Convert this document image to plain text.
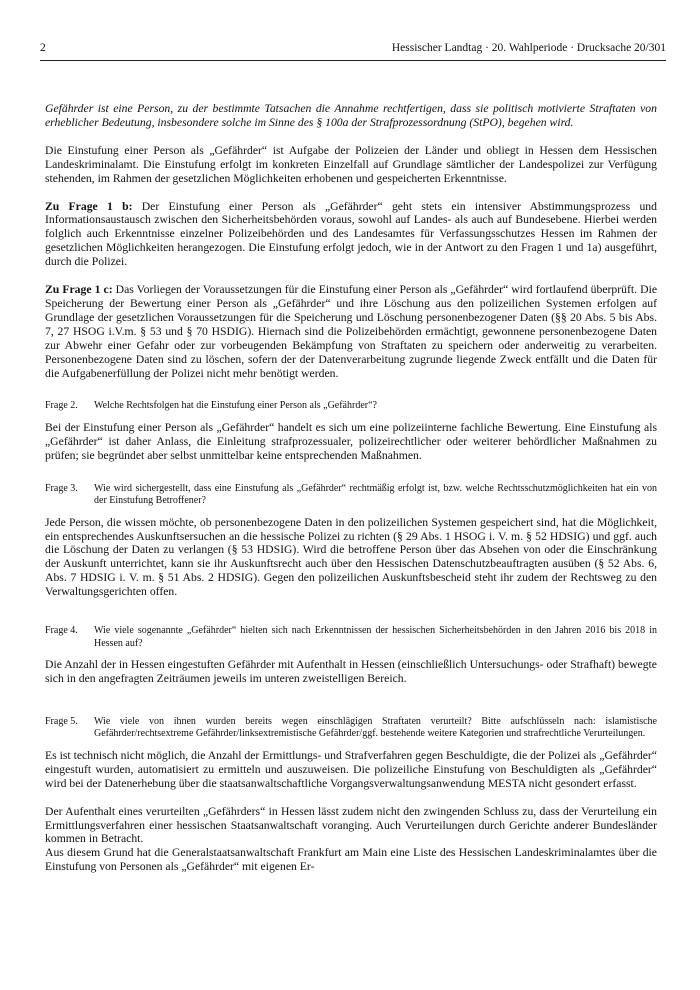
2	Hessischer Landtag · 20. Wahlperiode · Drucksache 20/301

Gefährder ist eine Person, zu der bestimmte Tatsachen die Annahme rechtfertigen, dass sie politisch motivierte Straftaten von erheblicher Bedeutung, insbesondere solche im Sinne des § 100a der Strafprozessordnung (StPO), begehen wird.

Die Einstufung einer Person als „Gefährder“ ist Aufgabe der Polizeien der Länder und obliegt in Hessen dem Hessischen Landeskriminalamt. Die Einstufung erfolgt im konkreten Einzelfall auf Grundlage sämtlicher der Landespolizei zur Verfügung stehenden, im Rahmen der gesetzlichen Möglichkeiten erhobenen und gespeicherten Erkenntnisse.

Zu Frage 1 b: Der Einstufung einer Person als „Gefährder“ geht stets ein intensiver Abstimmungsprozess und Informationsaustausch zwischen den Sicherheitsbehörden voraus, sowohl auf Landes- als auch auf Bundesebene. Hierbei werden folglich auch Erkenntnisse einzelner Polizeibehörden und des Landesamtes für Verfassungsschutzes Hessen im Rahmen der gesetzlichen Möglichkeiten herangezogen. Die Einstufung erfolgt jedoch, wie in der Antwort zu den Fragen 1 und 1a) ausgeführt, durch die Polizei.

Zu Frage 1 c: Das Vorliegen der Voraussetzungen für die Einstufung einer Person als „Gefährder“ wird fortlaufend überprüft. Die Speicherung der Bewertung einer Person als „Gefährder“ und ihre Löschung aus den polizeilichen Systemen erfolgen auf Grundlage der gesetzlichen Voraussetzungen für die Speicherung und Löschung personenbezogener Daten (§§ 20 Abs. 5 bis Abs. 7, 27 HSOG i.V.m. § 53 und § 70 HSDIG). Hiernach sind die Polizeibehörden ermächtigt, gewonnene personenbezogene Daten zur Abwehr einer Gefahr oder zur vorbeugenden Bekämpfung von Straftaten zu speichern oder anderweitig zu verarbeiten. Personenbezogene Daten sind zu löschen, sofern der der Datenverarbeitung zugrunde liegende Zweck entfällt und die Daten für die Aufgabenerfüllung der Polizei nicht mehr benötigt werden.

Frage 2.	Welche Rechtsfolgen hat die Einstufung einer Person als „Gefährder“?

Bei der Einstufung einer Person als „Gefährder“ handelt es sich um eine polizeiinterne fachliche Bewertung. Eine Einstufung als „Gefährder“ ist daher Anlass, die Einleitung strafprozessualer, polizeirechtlicher oder weiterer behördlicher Maßnahmen zu prüfen; sie begründet aber selbst unmittelbar keine entsprechenden Maßnahmen.

Frage 3.	Wie wird sichergestellt, dass eine Einstufung als „Gefährder“ rechtmäßig erfolgt ist, bzw. welche Rechtsschutzmöglichkeiten hat ein von der Einstufung Betroffener?

Jede Person, die wissen möchte, ob personenbezogene Daten in den polizeilichen Systemen gespeichert sind, hat die Möglichkeit, ein entsprechendes Auskunftsersuchen an die hessische Polizei zu richten (§ 29 Abs. 1 HSOG i. V. m. § 52 HDSIG) und ggf. auch die Löschung der Daten zu verlangen (§ 53 HDSIG). Wird die betroffene Person über das Absehen von oder die Einschränkung der Auskunft unterrichtet, kann sie ihr Auskunftsrecht auch über den Hessischen Datenschutzbeauftragten ausüben (§ 52 Abs. 6, Abs. 7 HDSIG i. V. m. § 51 Abs. 2 HDSIG). Gegen den polizeilichen Auskunftsbescheid steht ihr zudem der Rechtsweg zu den Verwaltungsgerichten offen.

Frage 4.	Wie viele sogenannte „Gefährder“ hielten sich nach Erkenntnissen der hessischen Sicherheitsbehörden in den Jahren 2016 bis 2018 in Hessen auf?

Die Anzahl der in Hessen eingestuften Gefährder mit Aufenthalt in Hessen (einschließlich Untersuchungs- oder Strafhaft) bewegte sich in den angefragten Zeiträumen jeweils im unteren zweistelligen Bereich.

Frage 5.	Wie viele von ihnen wurden bereits wegen einschlägigen Straftaten verurteilt? Bitte aufschlüsseln nach: islamistische Gefährder/rechtsextreme Gefährder/linksextremistische Gefährder/ggf. bestehende weitere Kategorien und strafrechtliche Verurteilungen.

Es ist technisch nicht möglich, die Anzahl der Ermittlungs- und Strafverfahren gegen Beschuldigte, die der Polizei als „Gefährder“ eingestuft wurden, automatisiert zu ermitteln und auszuweisen. Die polizeiliche Einstufung von Beschuldigten als „Gefährder“ wird bei der Datenerhebung über die staatsanwaltschaftliche Vorgangsverwaltungsanwendung MESTA nicht gesondert erfasst.

Der Aufenthalt eines verurteilten „Gefährders“ in Hessen lässt zudem nicht den zwingenden Schluss zu, dass der Verurteilung ein Ermittlungsverfahren einer hessischen Staatsanwaltschaft voranging. Auch Verurteilungen durch Gerichte anderer Bundesländer kommen in Betracht.

Aus diesem Grund hat die Generalstaatsanwaltschaft Frankfurt am Main eine Liste des Hessischen Landeskriminalamtes über die Einstufung von Personen als „Gefährder“ mit eigenen Er-
